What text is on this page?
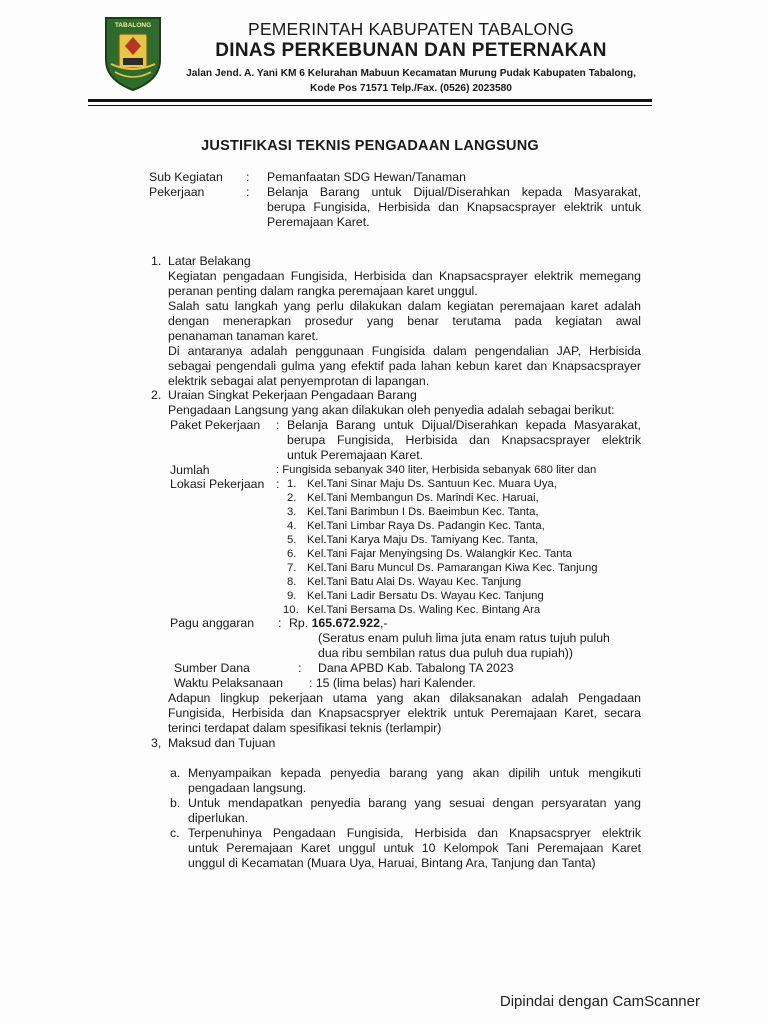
TABALONG	PEMERINTAH KABUPATEN TABALONG
DINAS PERKEBUNAN DAN PETERNAKAN
Jalan Jend. A. Yani KM 6 Kelurahan Mabuun Kecamatan Murung Pudak Kabupaten Tabalong,
Kode Pos 71571 Telp./Fax. (0526) 2023580
JUSTIFIKASI TEKNIS PENGADAAN LANGSUNG
Sub Kegiatan : Pemanfaatan SDG Hewan/Tanaman
Pekerjaan	: Belanja Barang untuk Dijual/Diserahkan kepada Masyarakat,
berupa Fungisida, Herbisida dan Knapsacsprayer elektrik untuk
Peremajaan Karet.
1. Latar Belakang
Kegiatan pengadaan Fungisida, Herbisida dan Knapsacsprayer elektrik memegang
peranan penting dalam rangka peremajaan karet unggul.
Salah satu langkah yang perlu dilakukan dalam kegiatan peremajaan karet adalah
dengan menerapkan prosedur yang benar terutama pada kegiatan awal
penanaman tanaman karet.
Di antaranya adalah penggunaan Fungisida dalam pengendalian JAP, Herbisida
sebagai pengendali gulma yang efektif pada lahan kebun karet dan Knapsacsprayer
elektrik sebagai alat penyemprotan di lapangan.
2. Uraian Singkat Pekerjaan Pengadaan Barang
Pengadaan Langsung yang akan dilakukan oleh penyedia adalah sebagai berikut:
Paket Pekerjaan : Belanja Barang untuk Dijual/Diserahkan kepada Masyarakat,
berupa Fungisida, Herbisida dan Knapsacsprayer elektrik
untuk Peremajaan Karet.
Jumlah	: Fungisida sebanyak 340 liter, Herbisida sebanyak 680 liter dan
Lokasi Pekerjaan : 1. Kel.Tani Sinar Maju Ds. Santuun Kec. Muara Uya,
2. Kel.Tani Membangun Ds. Marindi Kec. Haruai,
3. Kel.Tani Barimbun I Ds. Baeimbun Kec. Tanta,
4. Kel.Tani Limbar Raya Ds. Padangin Kec. Tanta,
5. Kel.Tani Karya Maju Ds. Tamiyang Kec. Tanta,
6. Kel.Tani Fajar Menyingsing Ds. Walangkir Kec. Tanta
7. Kel.Tani Baru Muncul Ds. Pamarangan Kiwa Kec. Tanjung
8. Kel.Tani Batu Alai Ds. Wayau Kec. Tanjung
9. Kel.Tani Ladir Bersatu Ds. Wayau Kec. Tanjung
10. Kel.Tani Bersama Ds. Waling Kec. Bintang Ara
Pagu anggaran : Rp. 165.672.922,-
(Seratus enam puluh lima juta enam ratus tujuh puluh
dua ribu sembilan ratus dua puluh dua rupiah))
Sumber Dana	: Dana APBD Kab. Tabalong TA 2023
Waktu Pelaksanaan : 15 (lima belas) hari Kalender.
Adapun lingkup pekerjaan utama yang akan dilaksanakan adalah Pengadaan
Fungisida, Herbisida dan Knapsacspryer elektrik untuk Peremajaan Karet, secara
terinci terdapat dalam spesifikasi teknis (terlampir)
3, Maksud dan Tujuan
a. Menyampaikan kepada penyedia barang yang akan dipilih untuk mengikuti
pengadaan langsung.
b. Untuk mendapatkan penyedia barang yang sesuai dengan persyaratan yang
diperlukan.
c. Terpenuhinya Pengadaan Fungisida, Herbisida dan Knapsacspryer elektrik
untuk Peremajaan Karet unggul untuk 10 Kelompok Tani Peremajaan Karet
unggul di Kecamatan (Muara Uya, Haruai, Bintang Ara, Tanjung dan Tanta)
Dipindai dengan CamScanner
